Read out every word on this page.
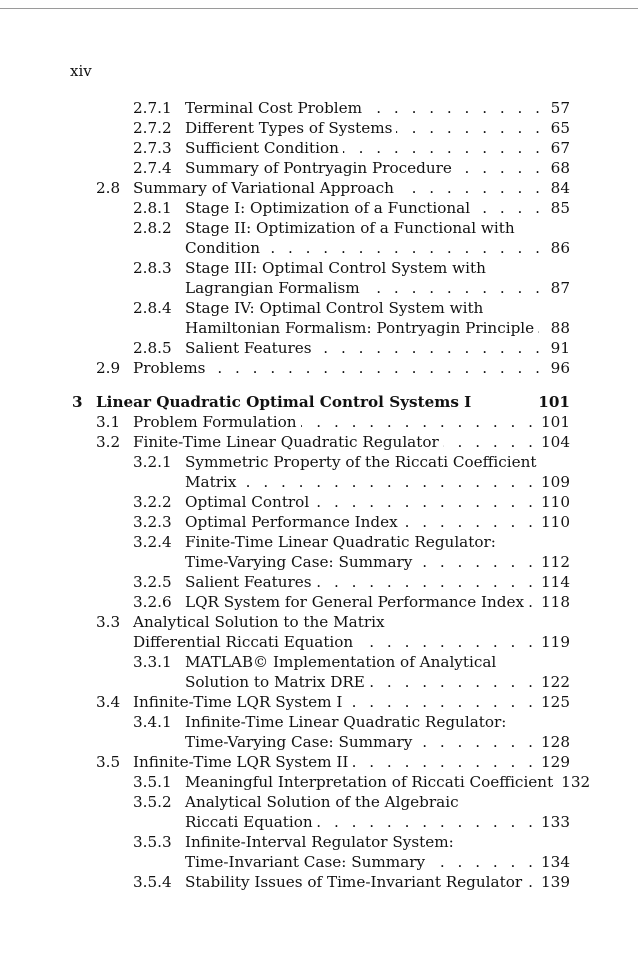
xiv
2.7.1 Terminal Cost Problem . . .	57
2.7.2 Different Types of Systems . . .	65
2.7.3 Sufficient Condition . . .	67
2.7.4 Summary of Pontryagin Procedure . . .	68
2.8 Summary of Variational Approach . . .	84
2.8.1 Stage I: Optimization of a Functional . . .	85
2.8.2 Stage II: Optimization of a Functional with
Condition . . .	86
2.8.3 Stage III: Optimal Control System with
Lagrangian Formalism . . .	87
2.8.4 Stage IV: Optimal Control System with
Hamiltonian Formalism: Pontryagin Principle . . . 88
2.8.5 Salient Features . . .	91
2.9 Problems . . .	96
3 Linear Quadratic Optimal Control Systems I	101
3.1 Problem Formulation . . .	101
3.2 Finite-Time Linear Quadratic Regulator . . .	104
3.2.1 Symmetric Property of the Riccati Coefficient
Matrix . . .	109
3.2.2 Optimal Control . . .	110
3.2.3 Optimal Performance Index . . .	110
3.2.4 Finite-Time Linear Quadratic Regulator:
Time-Varying Case: Summary . . .	112
3.2.5 Salient Features . . .	114
3.2.6 LQR System for General Performance Index . . . 118
3.3 Analytical Solution to the Matrix
Differential Riccati Equation . . .	119
3.3.1 MATLAB© Implementation of Analytical
Solution to Matrix DRE . . .	122
3.4 Infinite-Time LQR System I . . .	125
3.4.1 Infinite-Time Linear Quadratic Regulator:
Time-Varying Case: Summary . . .	128
3.5 Infinite-Time LQR System II . . .	129
3.5.1 Meaningful Interpretation of Riccati Coefficient 132
3.5.2 Analytical Solution of the Algebraic
Riccati Equation . . .	133
3.5.3 Infinite-Interval Regulator System:
Time-Invariant Case: Summary . . .	134
3.5.4 Stability Issues of Time-Invariant Regulator . . . 139
